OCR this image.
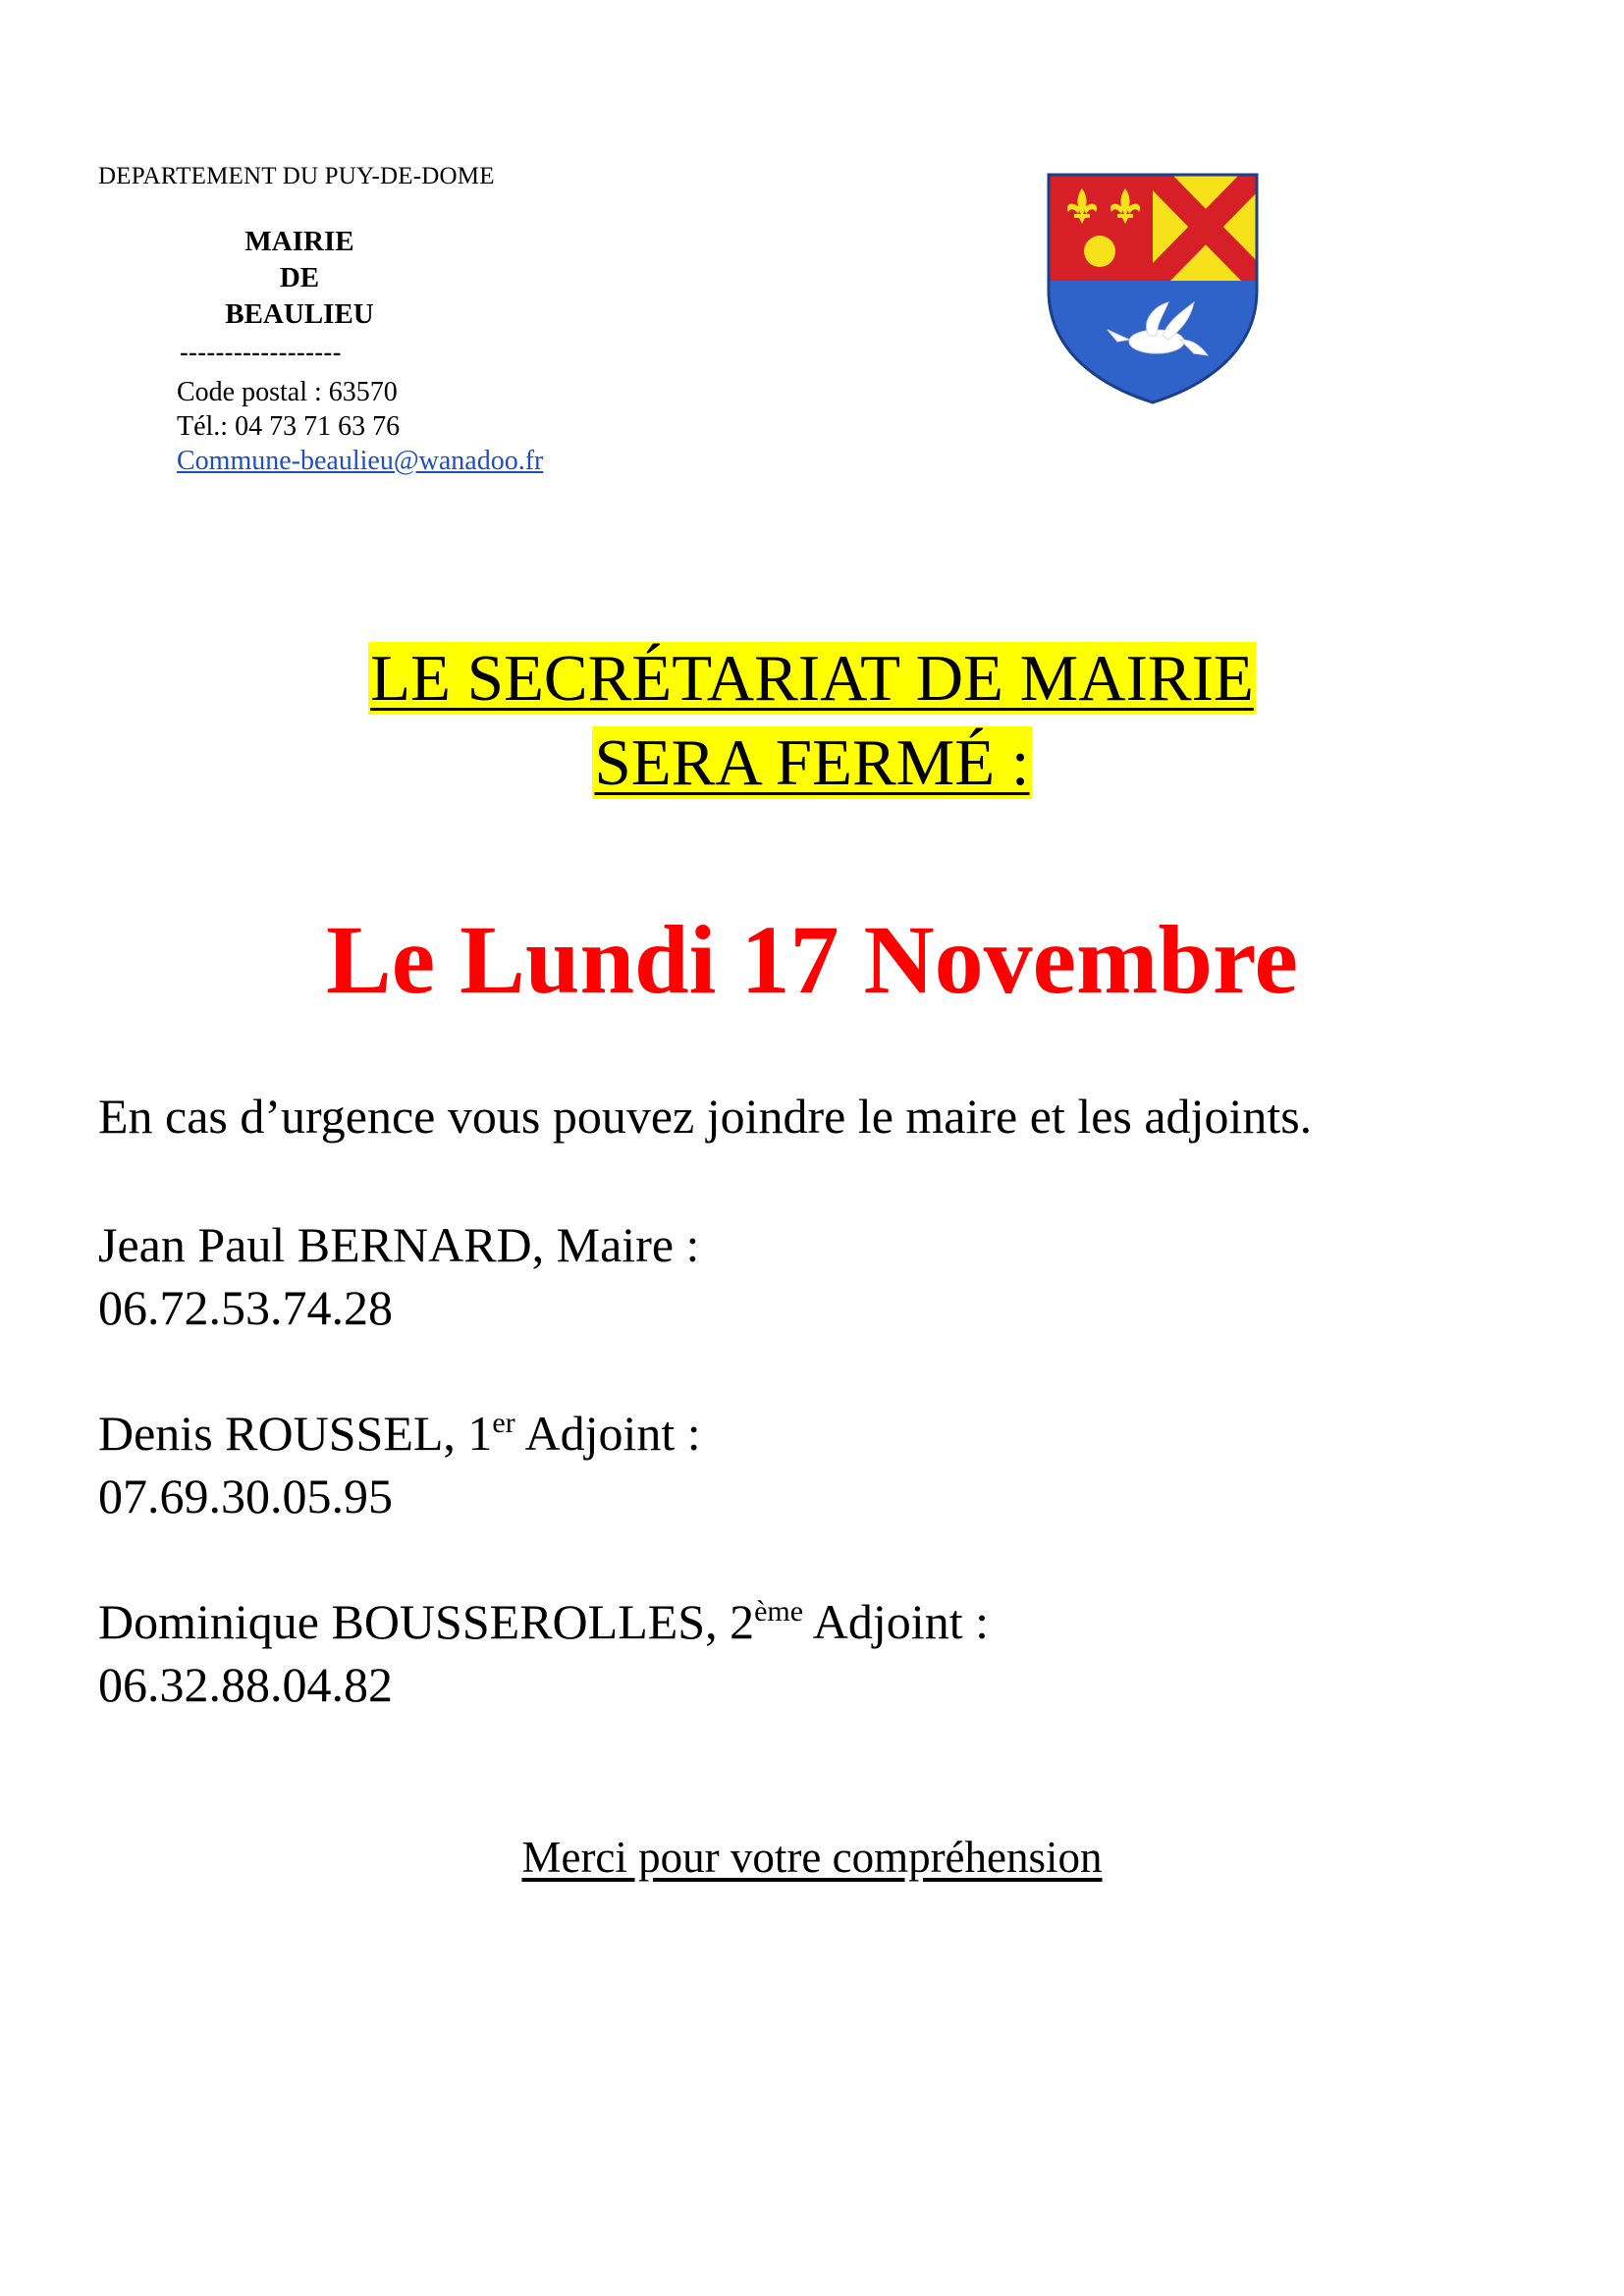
DEPARTEMENT DU PUY-DE-DOME
MAIRIE
DE
BEAULIEU
------------------
Code postal : 63570
Tél.: 04 73 71 63 76
Commune-beaulieu@wanadoo.fr
LE SECRÉTARIAT DE MAIRIE
SERA FERMÉ :
Le Lundi 17 Novembre
En cas d’urgence vous pouvez joindre le maire et les adjoints.
Jean Paul BERNARD, Maire :
06.72.53.74.28
Denis ROUSSEL, 1er Adjoint :
07.69.30.05.95
Dominique BOUSSEROLLES, 2ème Adjoint :
06.32.88.04.82
Merci pour votre compréhension
